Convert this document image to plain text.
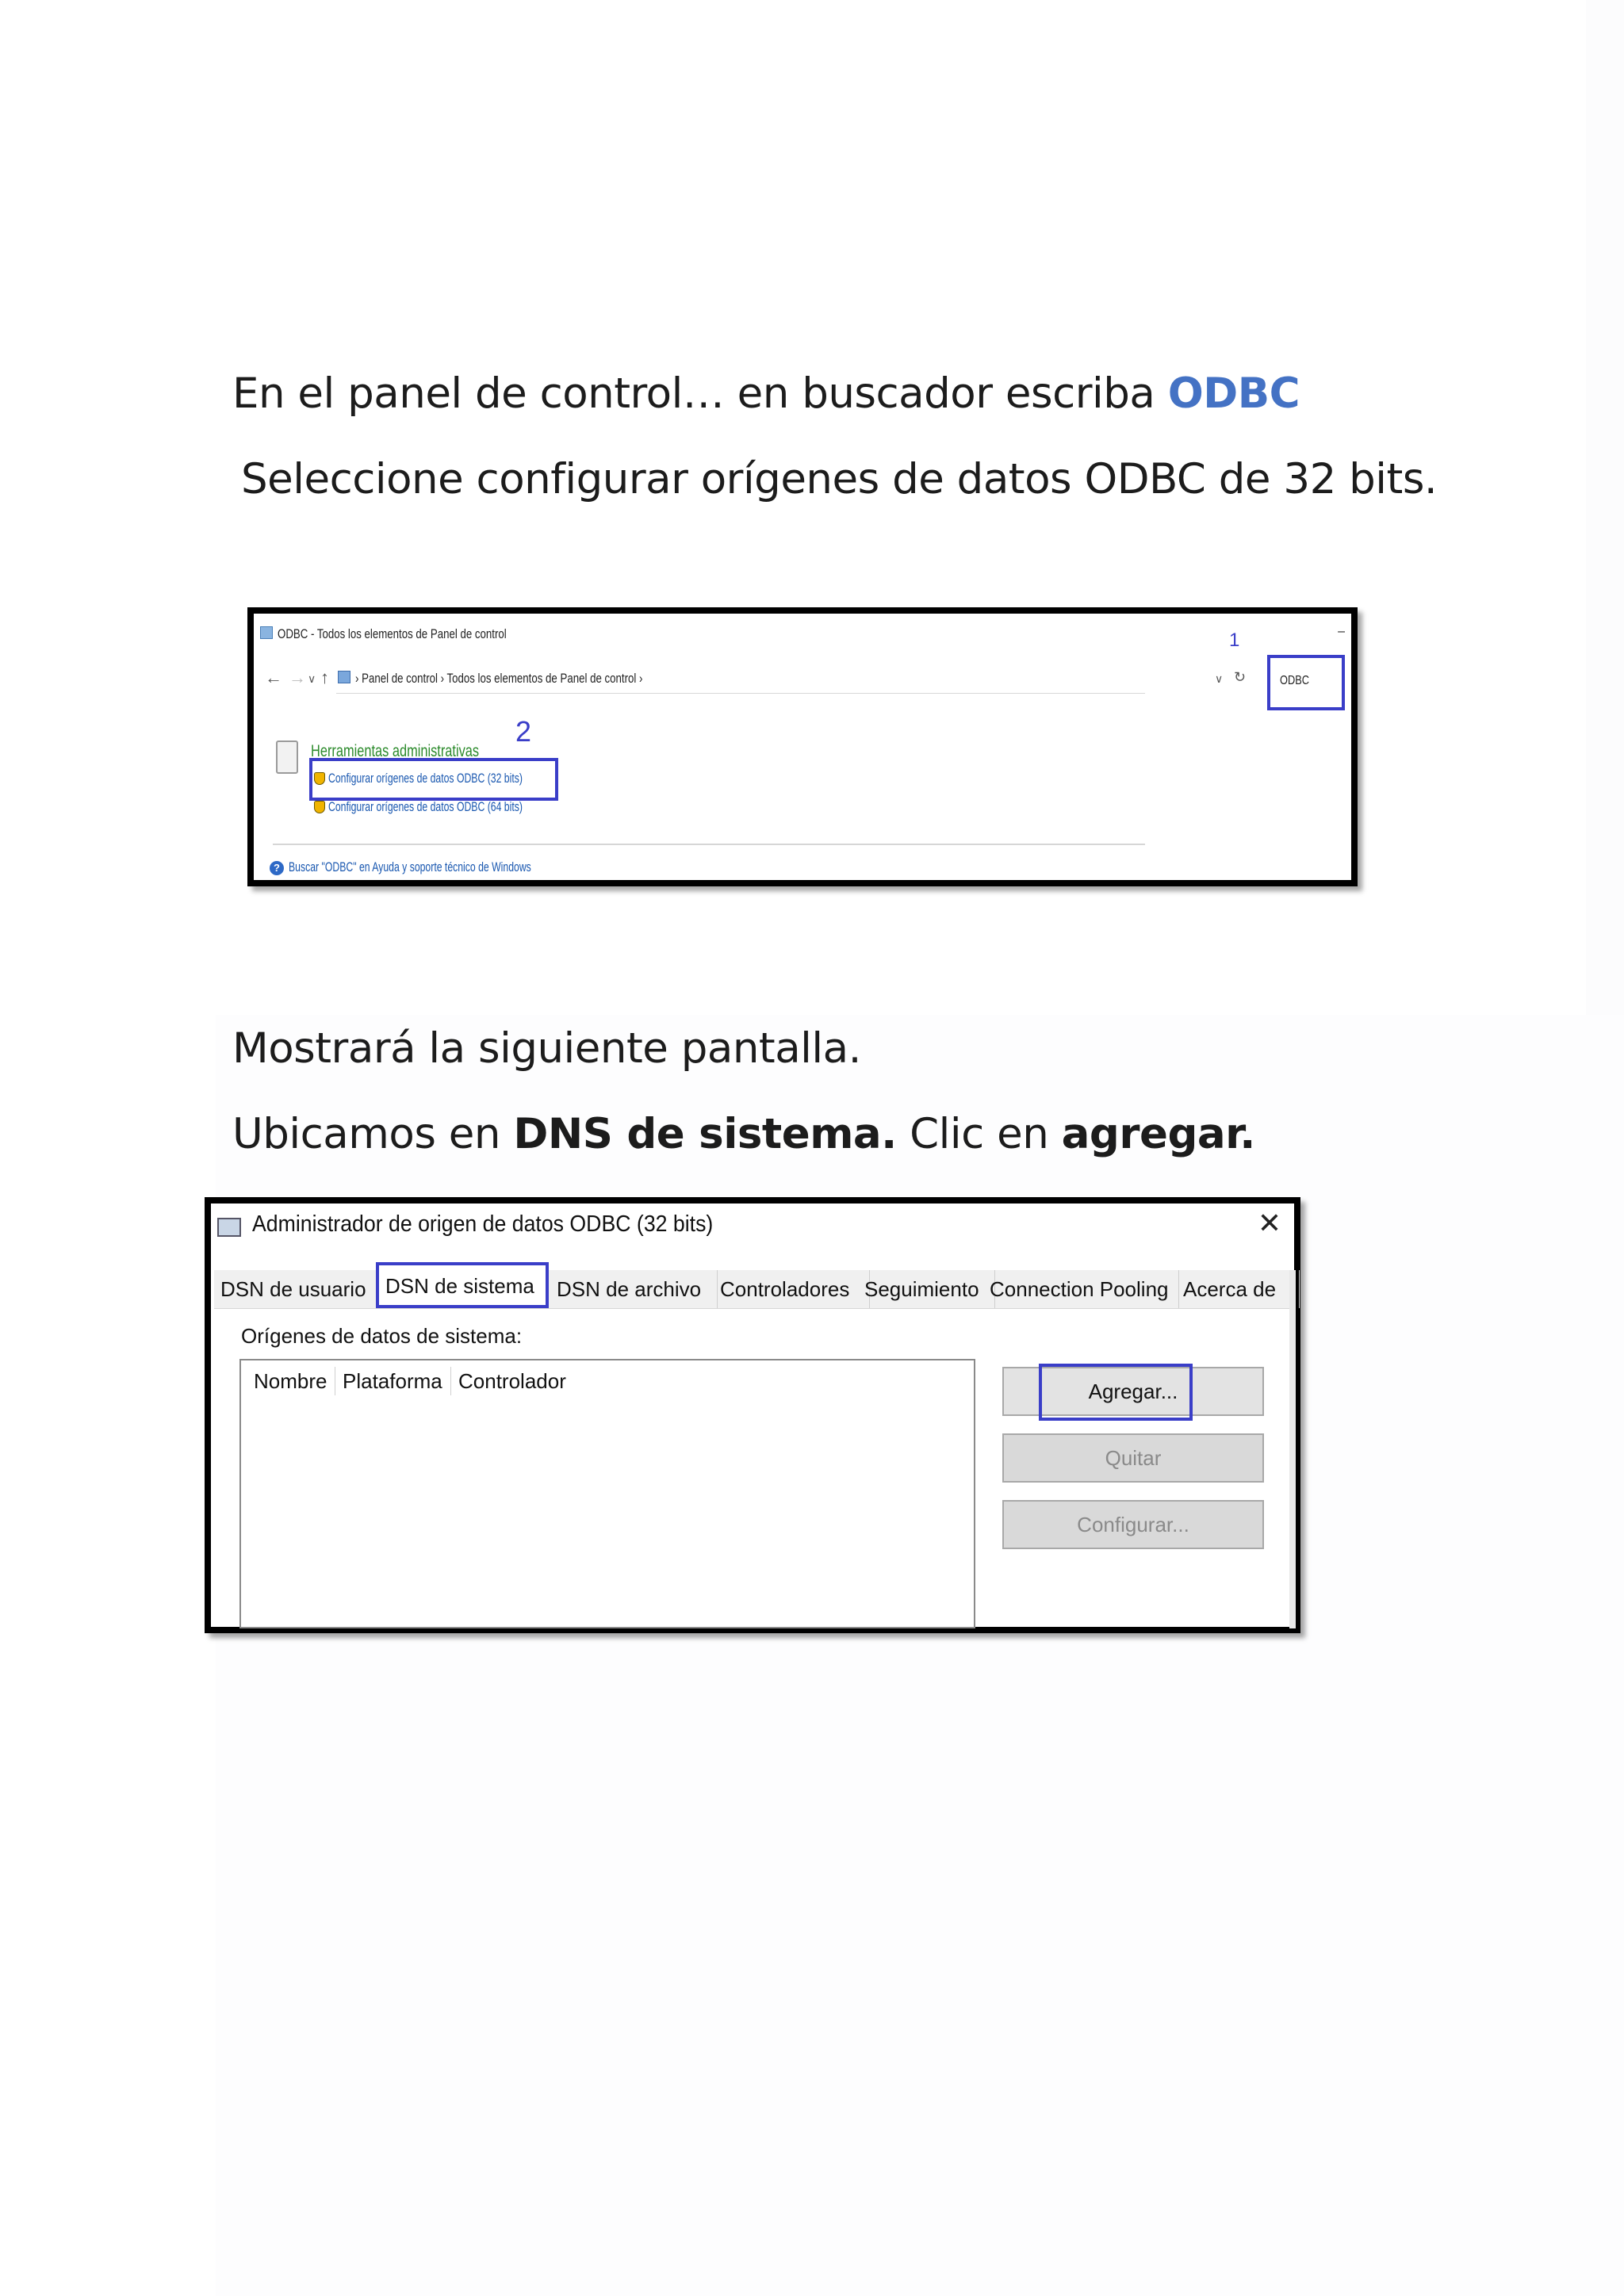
En el panel de control… en buscador escriba ODBC

Seleccione configurar orígenes de datos ODBC de 32 bits.

ODBC - Todos los elementos de Panel de control	–
← → ∨ ↑ › Panel de control › Todos los elementos de Panel de control ›	∨ ↻
1
ODBC
2
Herramientas administrativas
Configurar orígenes de datos ODBC (32 bits)
Configurar orígenes de datos ODBC (64 bits)
? Buscar "ODBC" en Ayuda y soporte técnico de Windows

Mostrará la siguiente pantalla.

Ubicamos en DNS de sistema. Clic en agregar.

Administrador de origen de datos ODBC (32 bits)	✕
DSN de usuario DSN de sistema	DSN de archivo Controladores Seguimiento Connection Pooling Acerca de
Orígenes de datos de sistema:
Nombre Plataforma Controlador	Agregar...
Quitar
Configurar...
